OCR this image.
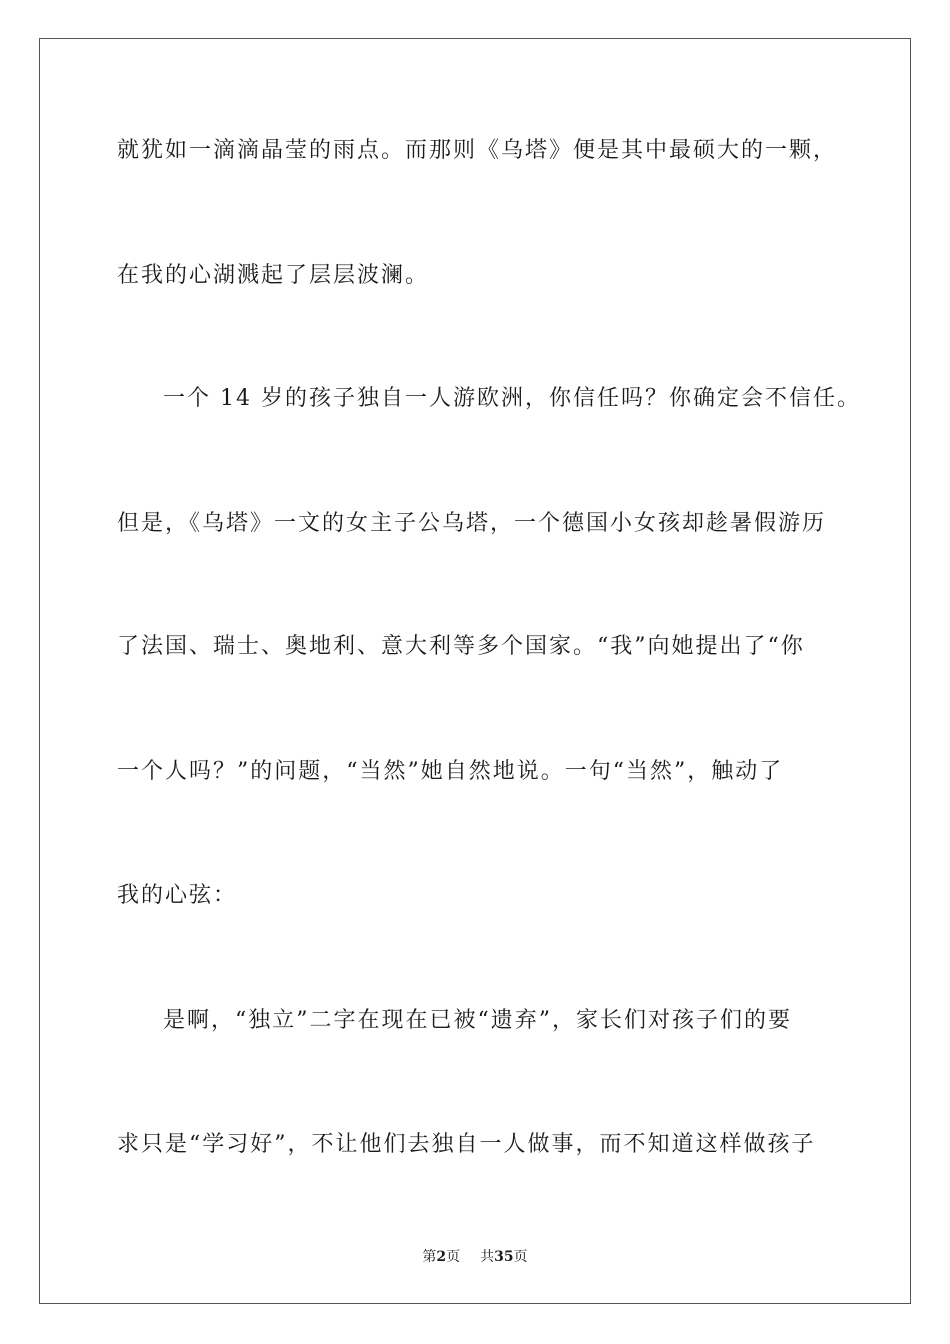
就犹如一滴滴晶莹的雨点。而那则《乌塔》便是其中最硕大的一颗，
在我的心湖溅起了层层波澜。
一个 14 岁的孩子独自一人游欧洲，你信任吗？你确定会不信任。
但是，《乌塔》一文的女主子公乌塔，一个德国小女孩却趁暑假游历
了法国、瑞士、奥地利、意大利等多个国家。“我”向她提出了“你
一个人吗？”的问题，“当然”她自然地说。一句“当然”，触动了
我的心弦：
是啊，“独立”二字在现在已被“遗弃”，家长们对孩子们的要
求只是“学习好”，不让他们去独自一人做事，而不知道这样做孩子
第2页 共35页
